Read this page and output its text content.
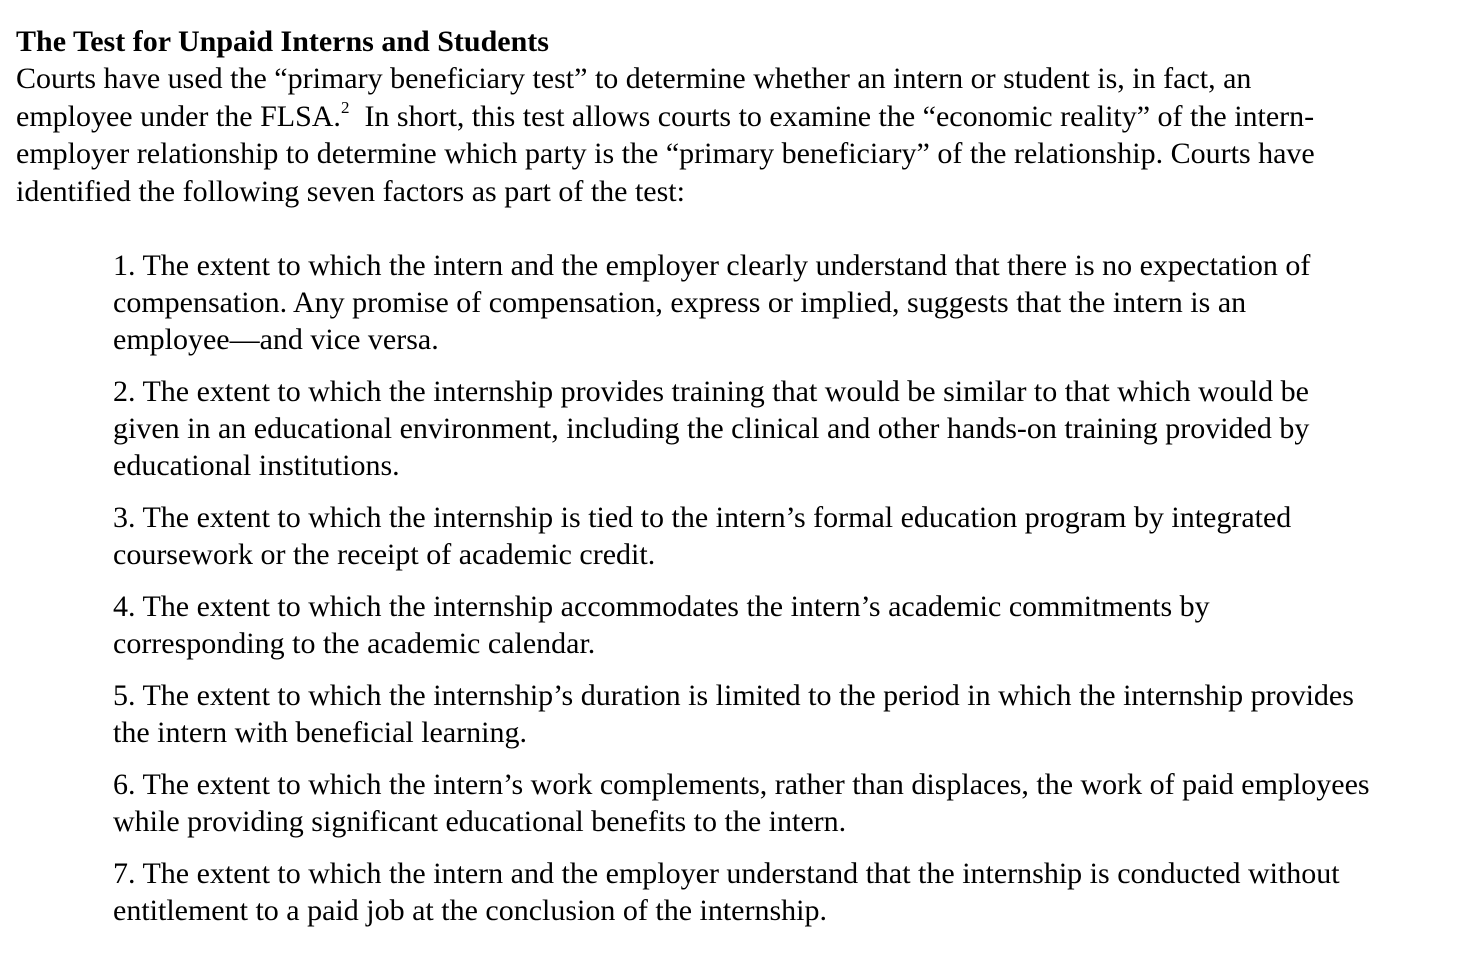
The Test for Unpaid Interns and Students

Courts have used the “primary beneficiary test” to determine whether an intern or student is, in fact, an
employee under the FLSA.$^2$  In short, this test allows courts to examine the “economic reality” of the intern-
employer relationship to determine which party is the “primary beneficiary” of the relationship. Courts have
identified the following seven factors as part of the test:

1. The extent to which the intern and the employer clearly understand that there is no expectation of
compensation. Any promise of compensation, express or implied, suggests that the intern is an
employee—and vice versa.
2. The extent to which the internship provides training that would be similar to that which would be
given in an educational environment, including the clinical and other hands-on training provided by
educational institutions.
3. The extent to which the internship is tied to the intern’s formal education program by integrated
coursework or the receipt of academic credit.
4. The extent to which the internship accommodates the intern’s academic commitments by
corresponding to the academic calendar.
5. The extent to which the internship’s duration is limited to the period in which the internship provides
the intern with beneficial learning.
6. The extent to which the intern’s work complements, rather than displaces, the work of paid employees
while providing significant educational benefits to the intern.
7. The extent to which the intern and the employer understand that the internship is conducted without
entitlement to a paid job at the conclusion of the internship.
